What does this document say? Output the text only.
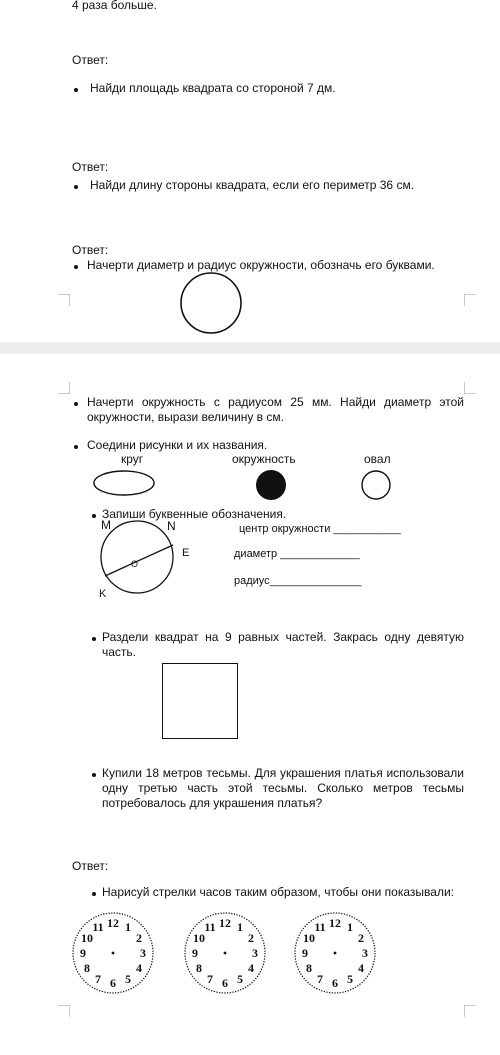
4 раза больше.
Ответ:
Найди площадь квадрата со стороной 7 дм.
Ответ:
Найди длину стороны квадрата, если его периметр 36 см.
Ответ:
Начерти диаметр и радиус окружности, обозначь его буквами.
Начерти окружность с радиусом 25 мм. Найди диаметр этой окружности, вырази величину в см.
Соедини рисунки и их названия.
круг	окружность	овал
Запиши буквенные обозначения.
M	N
E
O
K
центр окружности ___________
диаметр _____________
радиус_______________
Раздели квадрат на 9 равных частей. Закрась одну девятую часть.
Купили 18 метров тесьмы. Для украшения платья использовали одну третью часть этой тесьмы. Сколько метров тесьмы потребовалось для украшения платья?
Ответ:
Нарисуй стрелки часов таким образом, чтобы они показывали:
12 1
2
3
4
5
6
7
8
9
10
11	12 1
2
3
4
5
6
7
8
9
10
11	12 1
2
3
4
5
6
7
8
9
10
11
